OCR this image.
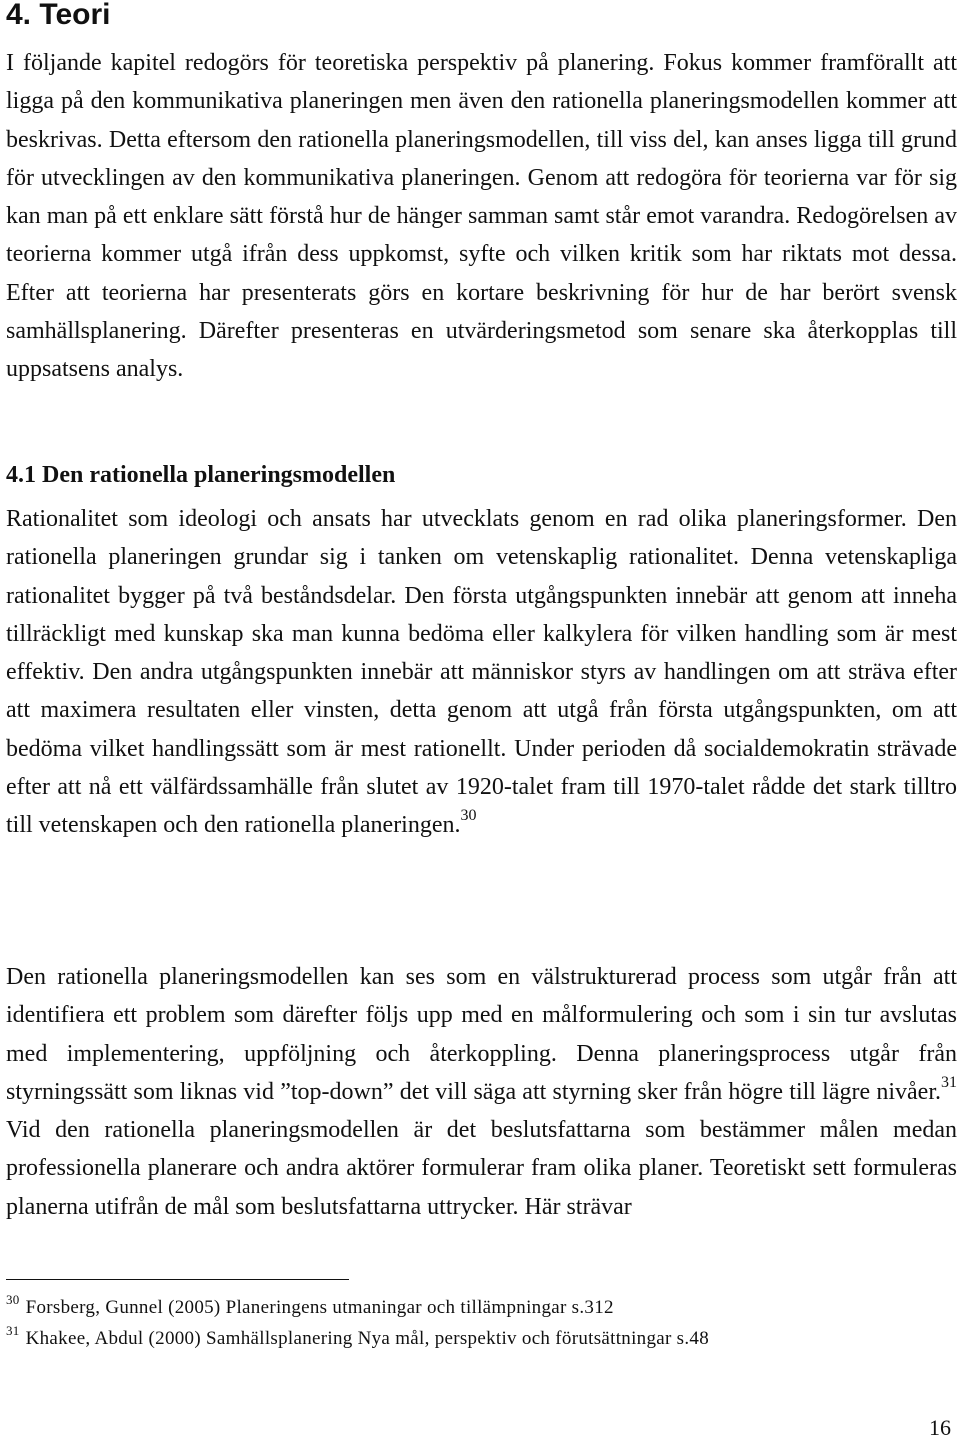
4. Teori

I följande kapitel redogörs för teoretiska perspektiv på planering. Fokus kommer framförallt att ligga på den kommunikativa planeringen men även den rationella planeringsmodellen kommer att beskrivas. Detta eftersom den rationella planeringsmodellen, till viss del, kan anses ligga till grund för utvecklingen av den kommunikativa planeringen. Genom att redogöra för teorierna var för sig kan man på ett enklare sätt förstå hur de hänger samman samt står emot varandra. Redogörelsen av teorierna kommer utgå ifrån dess uppkomst, syfte och vilken kritik som har riktats mot dessa. Efter att teorierna har presenterats görs en kortare beskrivning för hur de har berört svensk samhällsplanering. Därefter presenteras en utvärderingsmetod som senare ska återkopplas till uppsatsens analys.

4.1 Den rationella planeringsmodellen

Rationalitet som ideologi och ansats har utvecklats genom en rad olika planeringsformer. Den rationella planeringen grundar sig i tanken om vetenskaplig rationalitet. Denna vetenskapliga rationalitet bygger på två beståndsdelar. Den första utgångspunkten innebär att genom att inneha tillräckligt med kunskap ska man kunna bedöma eller kalkylera för vilken handling som är mest effektiv. Den andra utgångspunkten innebär att människor styrs av handlingen om att sträva efter att maximera resultaten eller vinsten, detta genom att utgå från första utgångspunkten, om att bedöma vilket handlingssätt som är mest rationellt. Under perioden då socialdemokratin strävade efter att nå ett välfärdssamhälle från slutet av 1920-talet fram till 1970-talet rådde det stark tilltro till vetenskapen och den rationella planeringen.$^{30}$

Den rationella planeringsmodellen kan ses som en välstrukturerad process som utgår från att identifiera ett problem som därefter följs upp med en målformulering och som i sin tur avslutas med implementering, uppföljning och återkoppling. Denna planeringsprocess utgår från styrningssätt som liknas vid ”top-down” det vill säga att styrning sker från högre till lägre nivåer.$^{31}$ Vid den rationella planeringsmodellen är det beslutsfattarna som bestämmer målen medan professionella planerare och andra aktörer formulerar fram olika planer. Teoretiskt sett formuleras planerna utifrån de mål som beslutsfattarna uttrycker. Här strävar

$^{30}$ Forsberg, Gunnel (2005) Planeringens utmaningar och tillämpningar s.312
$^{31}$ Khakee, Abdul (2000) Samhällsplanering Nya mål, perspektiv och förutsättningar s.48
16
